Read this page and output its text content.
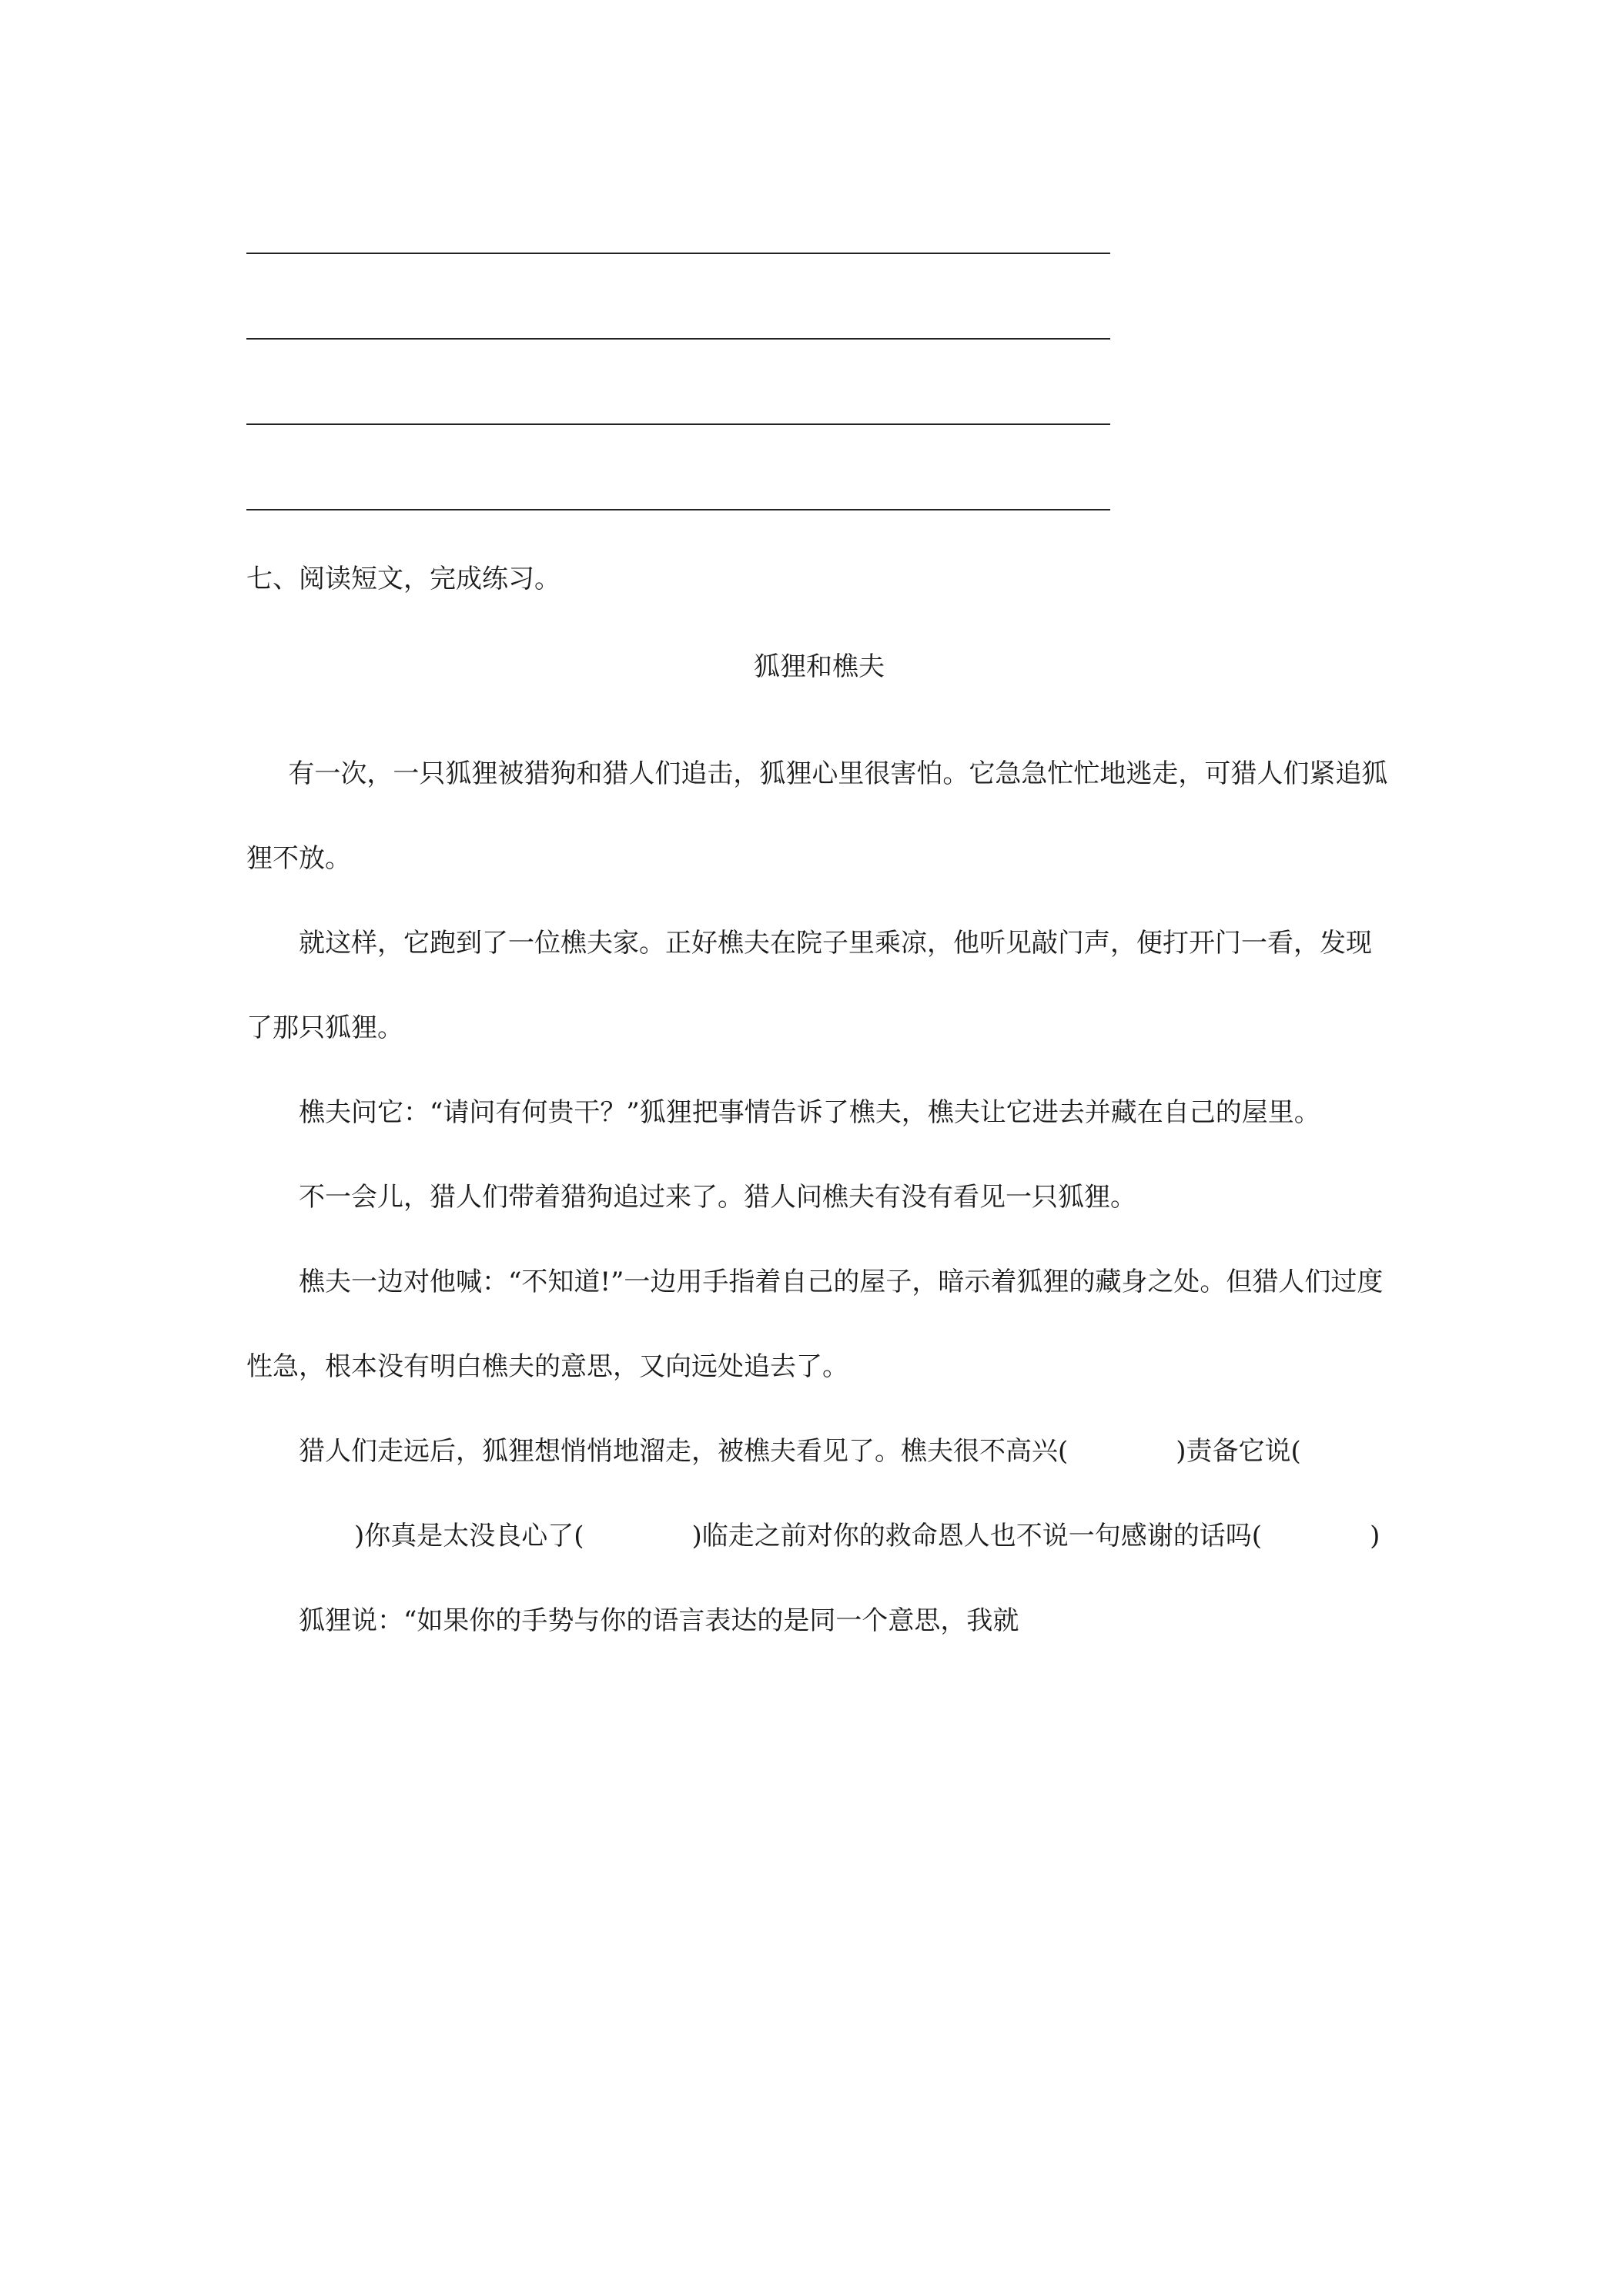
七、阅读短文，完成练习。
狐狸和樵夫

有一次，一只狐狸被猎狗和猎人们追击，狐狸心里很害怕。它急急忙忙地逃走，可猎人们紧追狐狸不放。

就这样，它跑到了一位樵夫家。正好樵夫在院子里乘凉，他听见敲门声，便打开门一看，发现了那只狐狸。

樵夫问它：“请问有何贵干？”狐狸把事情告诉了樵夫，樵夫让它进去并藏在自己的屋里。

不一会儿，猎人们带着猎狗追过来了。猎人问樵夫有没有看见一只狐狸。

樵夫一边对他喊：“不知道!”一边用手指着自己的屋子，暗示着狐狸的藏身之处。但猎人们过度性急，根本没有明白樵夫的意思，又向远处追去了。

猎人们走远后，狐狸想悄悄地溜走，被樵夫看见了。樵夫很不高兴(	)责备它说()你真是太没良心了(	)临走之前对你的救命恩人也不说一句感谢的话吗(	)

狐狸说：“如果你的手势与你的语言表达的是同一个意思，我就
